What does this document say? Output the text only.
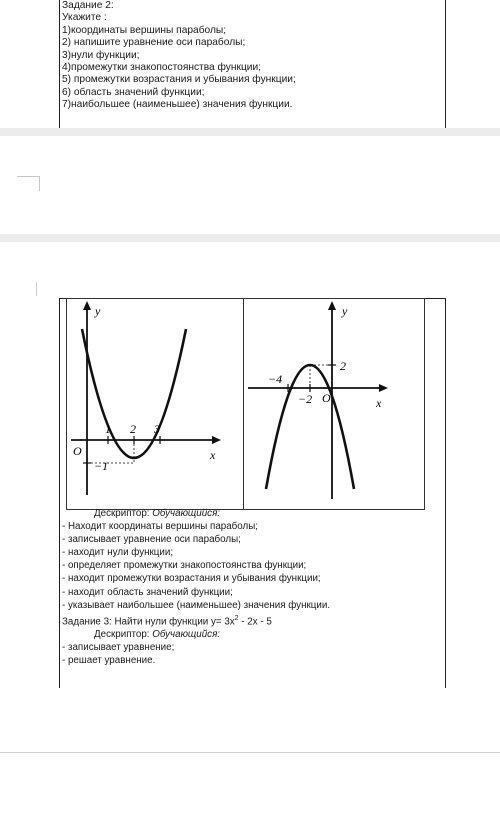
Задание 2:
Укажите :
1)координаты вершины параболы;
2) напишите уравнение оси параболы;
3)нули функции;
4)промежутки знакопостоянства функции;
5) промежутки возрастания и убывания функции;
6) область значений функции;
7)наибольшее (наименьшее) значения функции.
y
x
O
1 2 3
−1
y
x
O
−4
−2
2
Дескриптор: Обучающийся:
- Находит координаты вершины параболы;
- записывает уравнение оси параболы;
- находит нули функции;
- определяет промежутки знакопостоянства функции;
- находит промежутки возрастания и убывания функции;
- находит область значений функции;
- указывает наибольшее (наименьшее) значения функции.
Задание 3: Найти нули функции $y= 3x^2 - 2x - 5$
Дескриптор: Обучающийся:
- записывает уравнение;
- решает уравнение.
